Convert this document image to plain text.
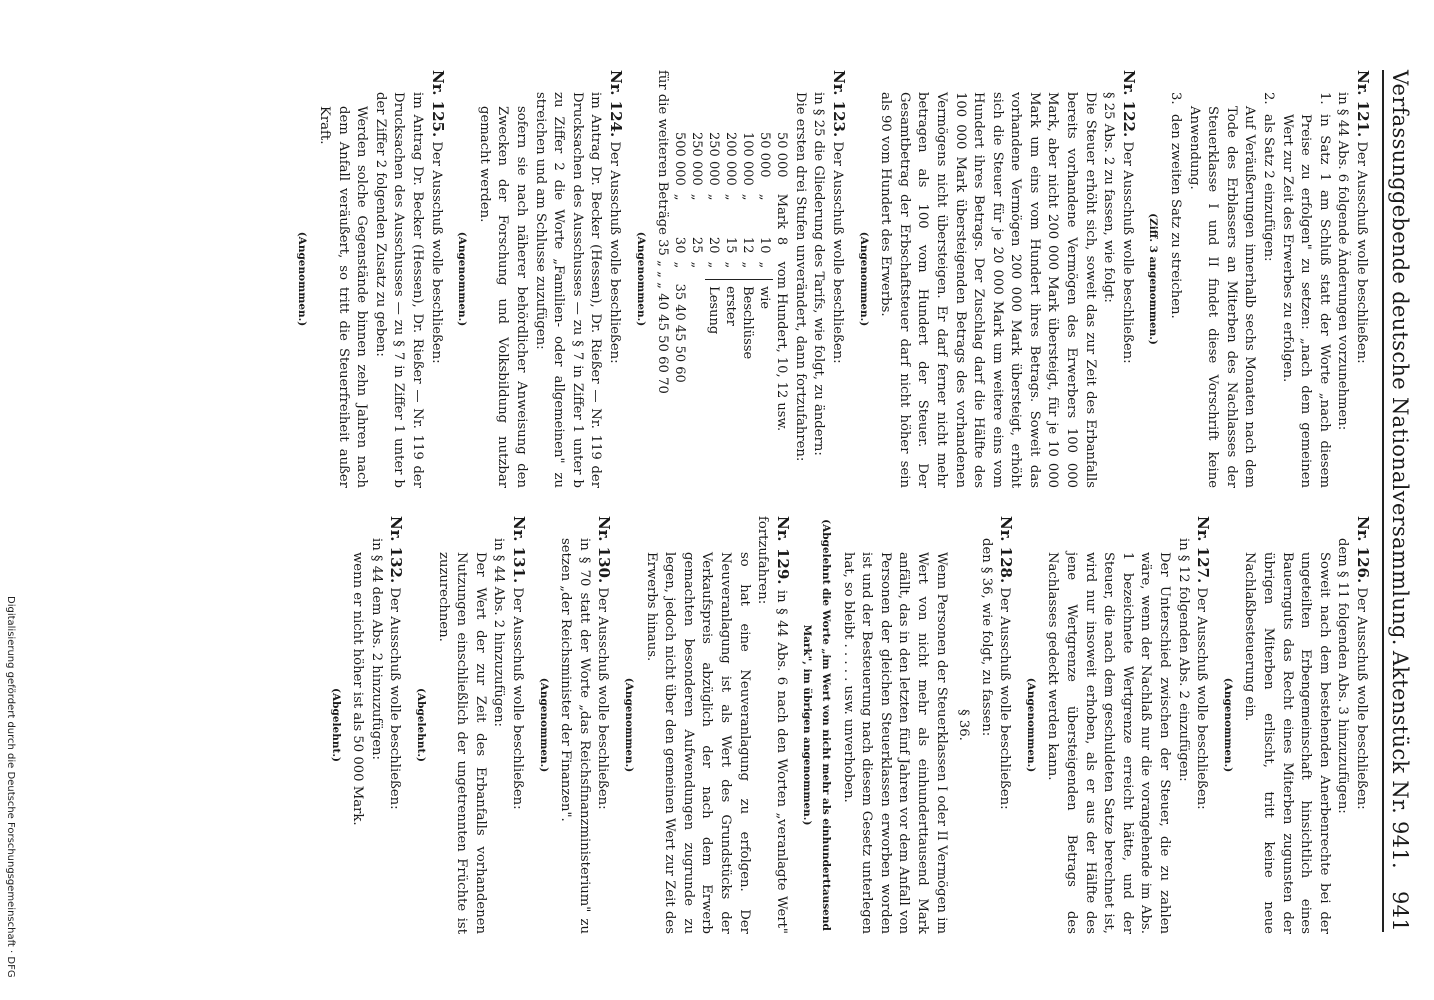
Verfassunggebende deutsche Nationalversammlung.
Aktenstück Nr. 941.
941

Nr. 121. Der Ausschuß wolle beschließen:

in § 44 Abs. 6 folgende Änderungen vorzunehmen:

1.

in Satz 1 am Schluß statt der Worte „nach diesem Preise zu erfolgen" zu setzen: „nach dem gemeinen Wert zur Zeit des Erwerbes zu erfolgen.

2.

als Satz 2 einzufügen:

Auf Veräußerungen innerhalb sechs Monaten nach dem Tode des Erblassers an Miterben des Nachlasses der Steuerklasse I und II findet diese Vorschrift keine Anwendung.

3.

den zweiten Satz zu streichen.

(Ziff. 3 angenommen.)

Nr. 122. Der Ausschuß wolle beschließen:

§ 25 Abs. 2 zu fassen, wie folgt:

Die Steuer erhöht sich, soweit das zur Zeit des Erbanfalls bereits vorhandene Vermögen des Erwerbers 100 000 Mark, aber nicht 200 000 Mark übersteigt, für je 10 000 Mark um eins vom Hundert ihres Betrags. Soweit das vorhandene Vermögen 200 000 Mark übersteigt, erhöht sich die Steuer für je 20 000 Mark um weitere eins vom Hundert ihres Betrags. Der Zuschlag darf die Hälfte des 100 000 Mark übersteigenden Betrags des vorhandenen Vermögens nicht übersteigen. Er darf ferner nicht mehr betragen als 100 vom Hundert der Steuer. Der Gesamtbetrag der Erbschaftsteuer darf nicht höher sein als 90 vom Hundert des Erwerbs.

(Angenommen.)

Nr. 123. Der Ausschuß wolle beschließen:

in § 25 die Gliederung des Tarifs, wie folgt, zu ändern:

Die ersten drei Stufen unverändert, dann fortzufahren:

50 000	Mark	8	vom Hundert, 10, 12 usw.	
50 000	„	10	„	wie
100 000	„	12	„	Beschlüsse
200 000	„	15	„	erster
250 000	„	20	„	Lesung
250 000	„	25	„	
500 000	„	30	„	35 40 45 50 60

für die weiteren Beträge 35 „ „ „ 40 45 50 60 70

(Angenommen.)

Nr. 124. Der Ausschuß wolle beschließen:

im Antrag Dr. Becker (Hessen), Dr. Rießer — Nr. 119 der Drucksachen des Ausschusses — zu § 7 in Ziffer 1 unter b zu Ziffer 2 die Worte „Familien- oder allgemeinen" zu streichen und am Schlusse zuzufügen:

sofern sie nach näherer behördlicher Anweisung den Zwecken der Forschung und Volksbildung nutzbar gemacht werden.

(Angenommen.)

Nr. 125. Der Ausschuß wolle beschließen:

im Antrag Dr. Becker (Hessen), Dr. Rießer — Nr. 119 der Drucksachen des Ausschusses — zu § 7 in Ziffer 1 unter b der Ziffer 2 folgenden Zusatz zu geben:

Werden solche Gegenstände binnen zehn Jahren nach dem Anfall veräußert, so tritt die Steuerfreiheit außer Kraft.

(Angenommen.)

Nr. 126. Der Ausschuß wolle beschließen:

dem § 11 folgenden Abs. 3 hinzuzufügen:

Soweit nach dem bestehenden Anerbenrechte bei der ungeteilten Erbengemeinschaft hinsichtlich eines Bauernguts das Recht eines Miterben zugunsten der übrigen Miterben erlischt, tritt keine neue Nachlaßbesteuerung ein.

(Angenommen.)

Nr. 127. Der Ausschuß wolle beschließen:

in § 12 folgenden Abs. 2 einzufügen:

Der Unterschied zwischen der Steuer, die zu zahlen wäre, wenn der Nachlaß nur die vorangehende im Abs. 1 bezeichnete Wertgrenze erreicht hätte, und der Steuer, die nach dem geschuldeten Satze berechnet ist, wird nur insoweit erhoben, als er aus der Hälfte des jene Wertgrenze übersteigenden Betrags des Nachlasses gedeckt werden kann.

(Angenommen.)

Nr. 128. Der Ausschuß wolle beschließen:

den § 36, wie folgt, zu fassen:

§ 36.

Wenn Personen der Steuerklassen I oder II Vermögen im Wert von nicht mehr als einhunderttausend Mark anfällt, das in den letzten fünf Jahren vor dem Anfall von Personen der gleichen Steuerklassen erworben worden ist und der Besteuerung nach diesem Gesetz unterlegen hat, so bleibt . . . . . usw. unverhoben.

(Abgelehnt die Worte „im Wert von nicht mehr als einhunderttausend Mark", im übrigen angenommen.)

Nr. 129. in § 44 Abs. 6 nach den Worten „veranlagte Wert" fortzufahren:

so hat eine Neuveranlagung zu erfolgen. Der Neuveranlagung ist als Wert des Grundstücks der Verkaufspreis abzüglich der nach dem Erwerb gemachten besonderen Aufwendungen zugrunde zu legen, jedoch nicht über den gemeinen Wert zur Zeit des Erwerbs hinaus.

(Angenommen.)

Nr. 130. Der Ausschuß wolle beschließen:

in § 70 statt der Worte „das Reichsfinanzministerium" zu setzen „der Reichsminister der Finanzen".

(Angenommen.)

Nr. 131. Der Ausschuß wolle beschließen:

in § 44 Abs. 2 hinzuzufügen:

Der Wert der zur Zeit des Erbanfalls vorhandenen Nutzungen einschließlich der ungetrennten Früchte ist zuzurechnen.

(Abgelehnt.)

Nr. 132. Der Ausschuß wolle beschließen:

in § 44 dem Abs. 2 hinzuzufügen:

wenn er nicht höher ist als 50 000 Mark.

(Abgelehnt.)
Digitalisierung gefördert durch die Deutsche Forschungsgemeinschaft · DFG
